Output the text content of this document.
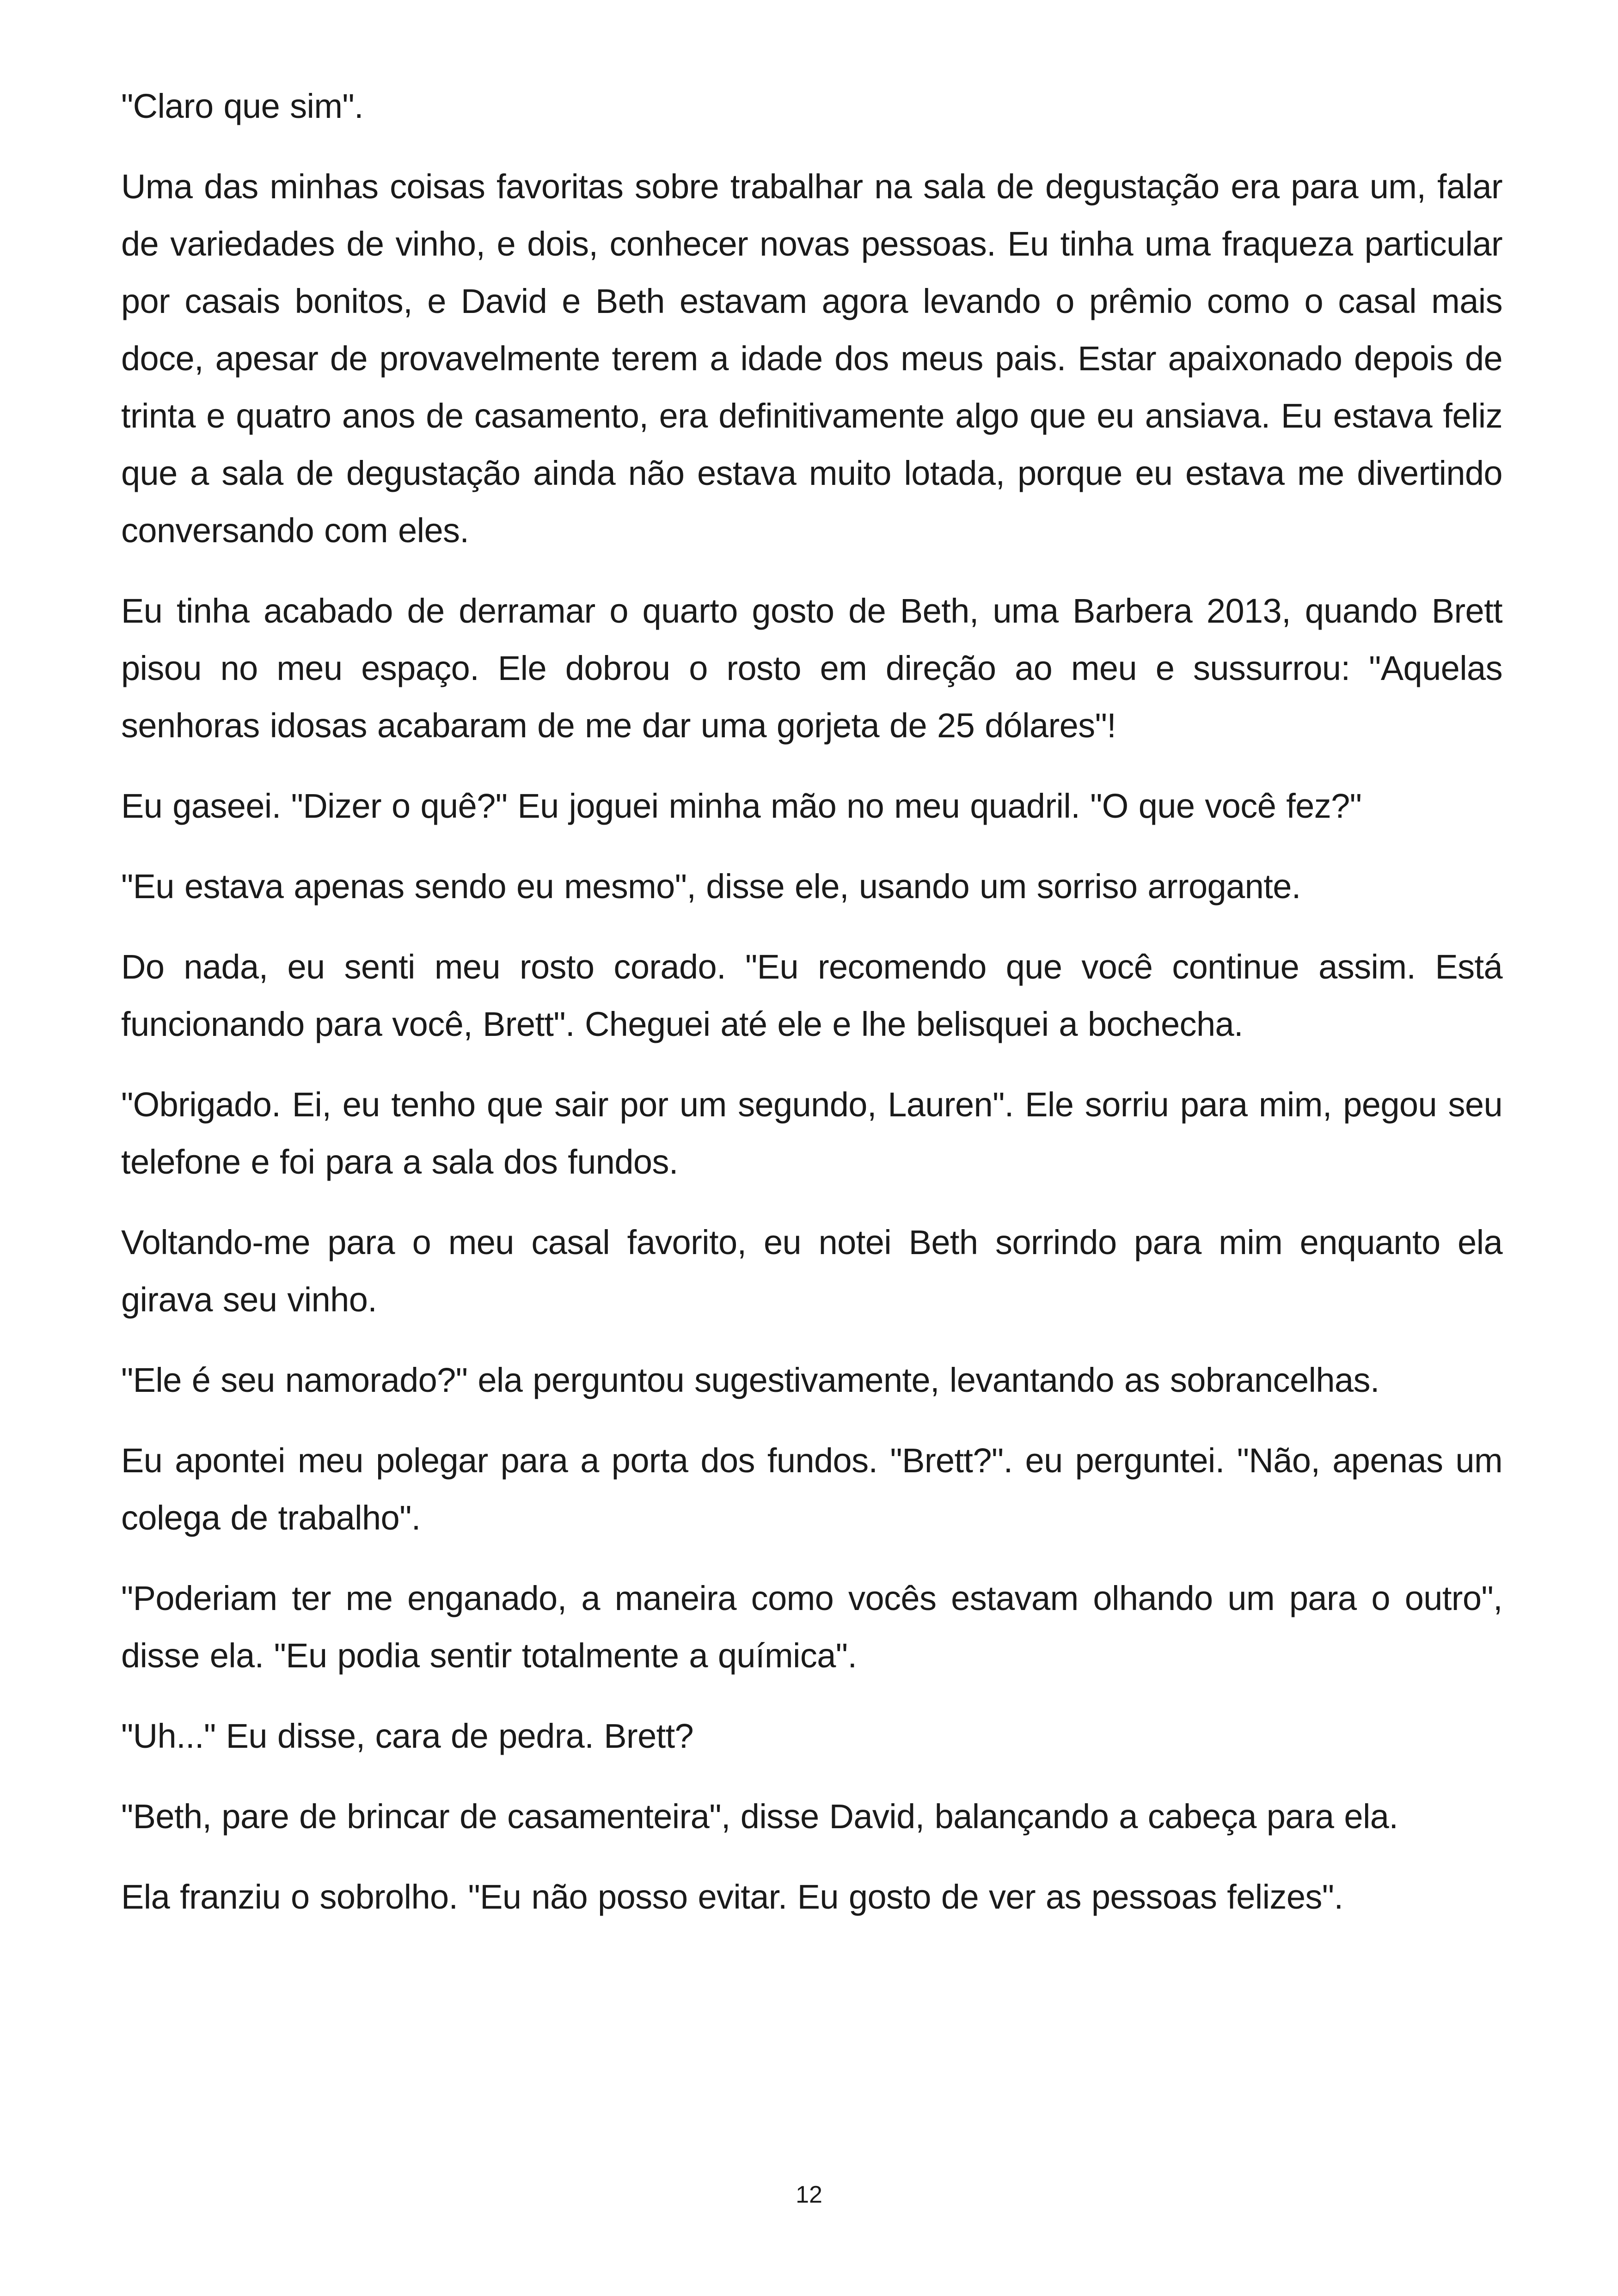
"Claro que sim".

Uma das minhas coisas favoritas sobre trabalhar na sala de degustação era para um, falar de variedades de vinho, e dois, conhecer novas pessoas. Eu tinha uma fraqueza particular por casais bonitos, e David e Beth estavam agora levando o prêmio como o casal mais doce, apesar de provavelmente terem a idade dos meus pais. Estar apaixonado depois de trinta e quatro anos de casamento, era definitivamente algo que eu ansiava. Eu estava feliz que a sala de degustação ainda não estava muito lotada, porque eu estava me divertindo conversando com eles.

Eu tinha acabado de derramar o quarto gosto de Beth, uma Barbera 2013, quando Brett pisou no meu espaço. Ele dobrou o rosto em direção ao meu e sussurrou: "Aquelas senhoras idosas acabaram de me dar uma gorjeta de 25 dólares"!

Eu gaseei. "Dizer o quê?" Eu joguei minha mão no meu quadril. "O que você fez?"

"Eu estava apenas sendo eu mesmo", disse ele, usando um sorriso arrogante.

Do nada, eu senti meu rosto corado. "Eu recomendo que você continue assim. Está funcionando para você, Brett". Cheguei até ele e lhe belisquei a bochecha.

"Obrigado. Ei, eu tenho que sair por um segundo, Lauren". Ele sorriu para mim, pegou seu telefone e foi para a sala dos fundos.

Voltando-me para o meu casal favorito, eu notei Beth sorrindo para mim enquanto ela girava seu vinho.

"Ele é seu namorado?" ela perguntou sugestivamente, levantando as sobrancelhas.

Eu apontei meu polegar para a porta dos fundos. "Brett?". eu perguntei. "Não, apenas um colega de trabalho".

"Poderiam ter me enganado, a maneira como vocês estavam olhando um para o outro", disse ela. "Eu podia sentir totalmente a química".

"Uh..." Eu disse, cara de pedra. Brett?

"Beth, pare de brincar de casamenteira", disse David, balançando a cabeça para ela.

Ela franziu o sobrolho. "Eu não posso evitar. Eu gosto de ver as pessoas felizes".

12
